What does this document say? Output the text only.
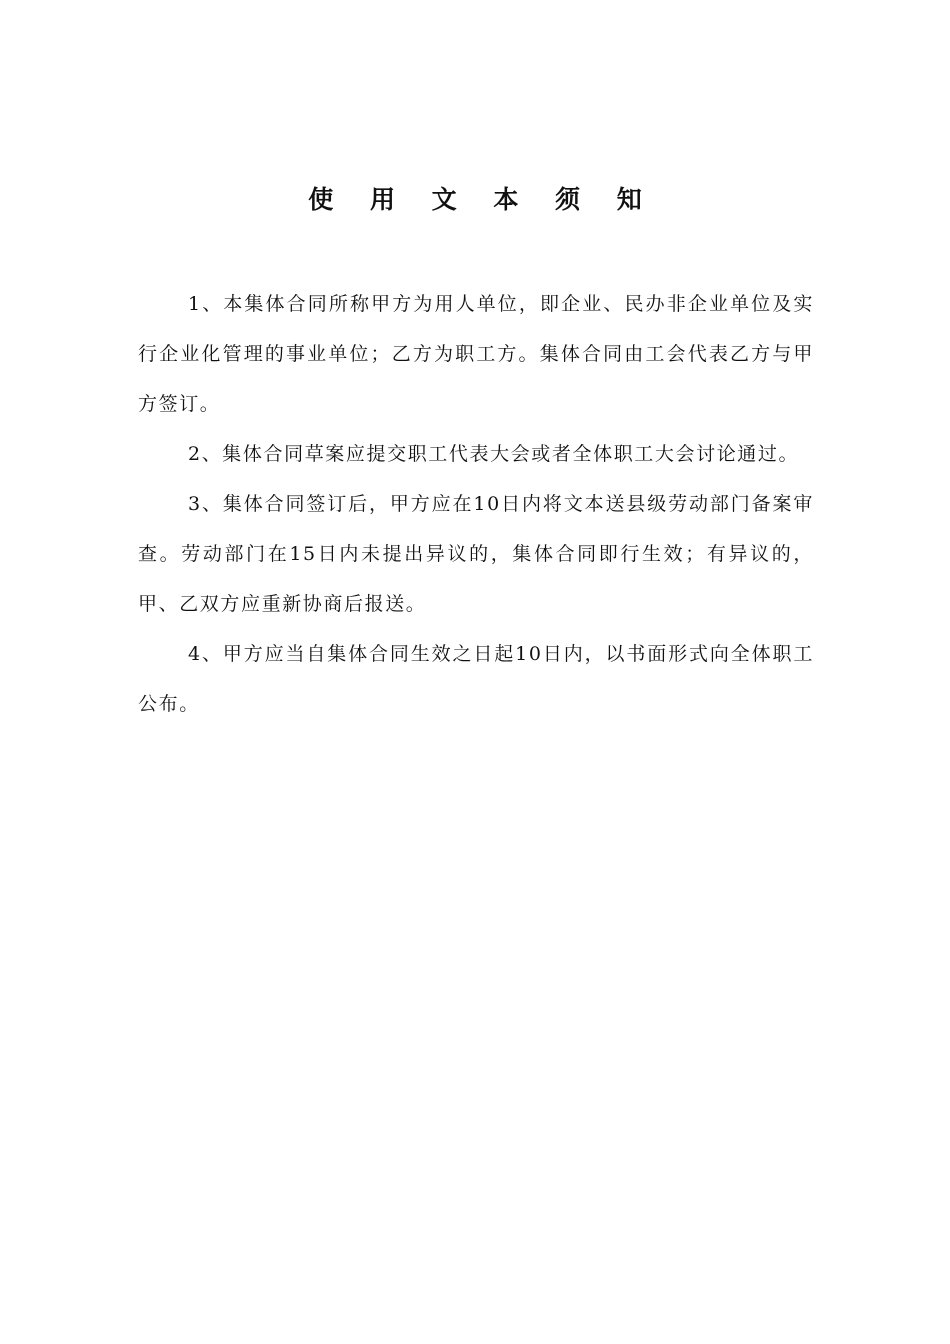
使 用 文 本 须 知

1、本集体合同所称甲方为用人单位，即企业、民办非企业单位及实行企业化管理的事业单位；乙方为职工方。集体合同由工会代表乙方与甲方签订。

2、集体合同草案应提交职工代表大会或者全体职工大会讨论通过。

3、集体合同签订后，甲方应在10日内将文本送县级劳动部门备案审查。劳动部门在15日内未提出异议的，集体合同即行生效；有异议的，甲、乙双方应重新协商后报送。

4、甲方应当自集体合同生效之日起10日内，以书面形式向全体职工公布。
